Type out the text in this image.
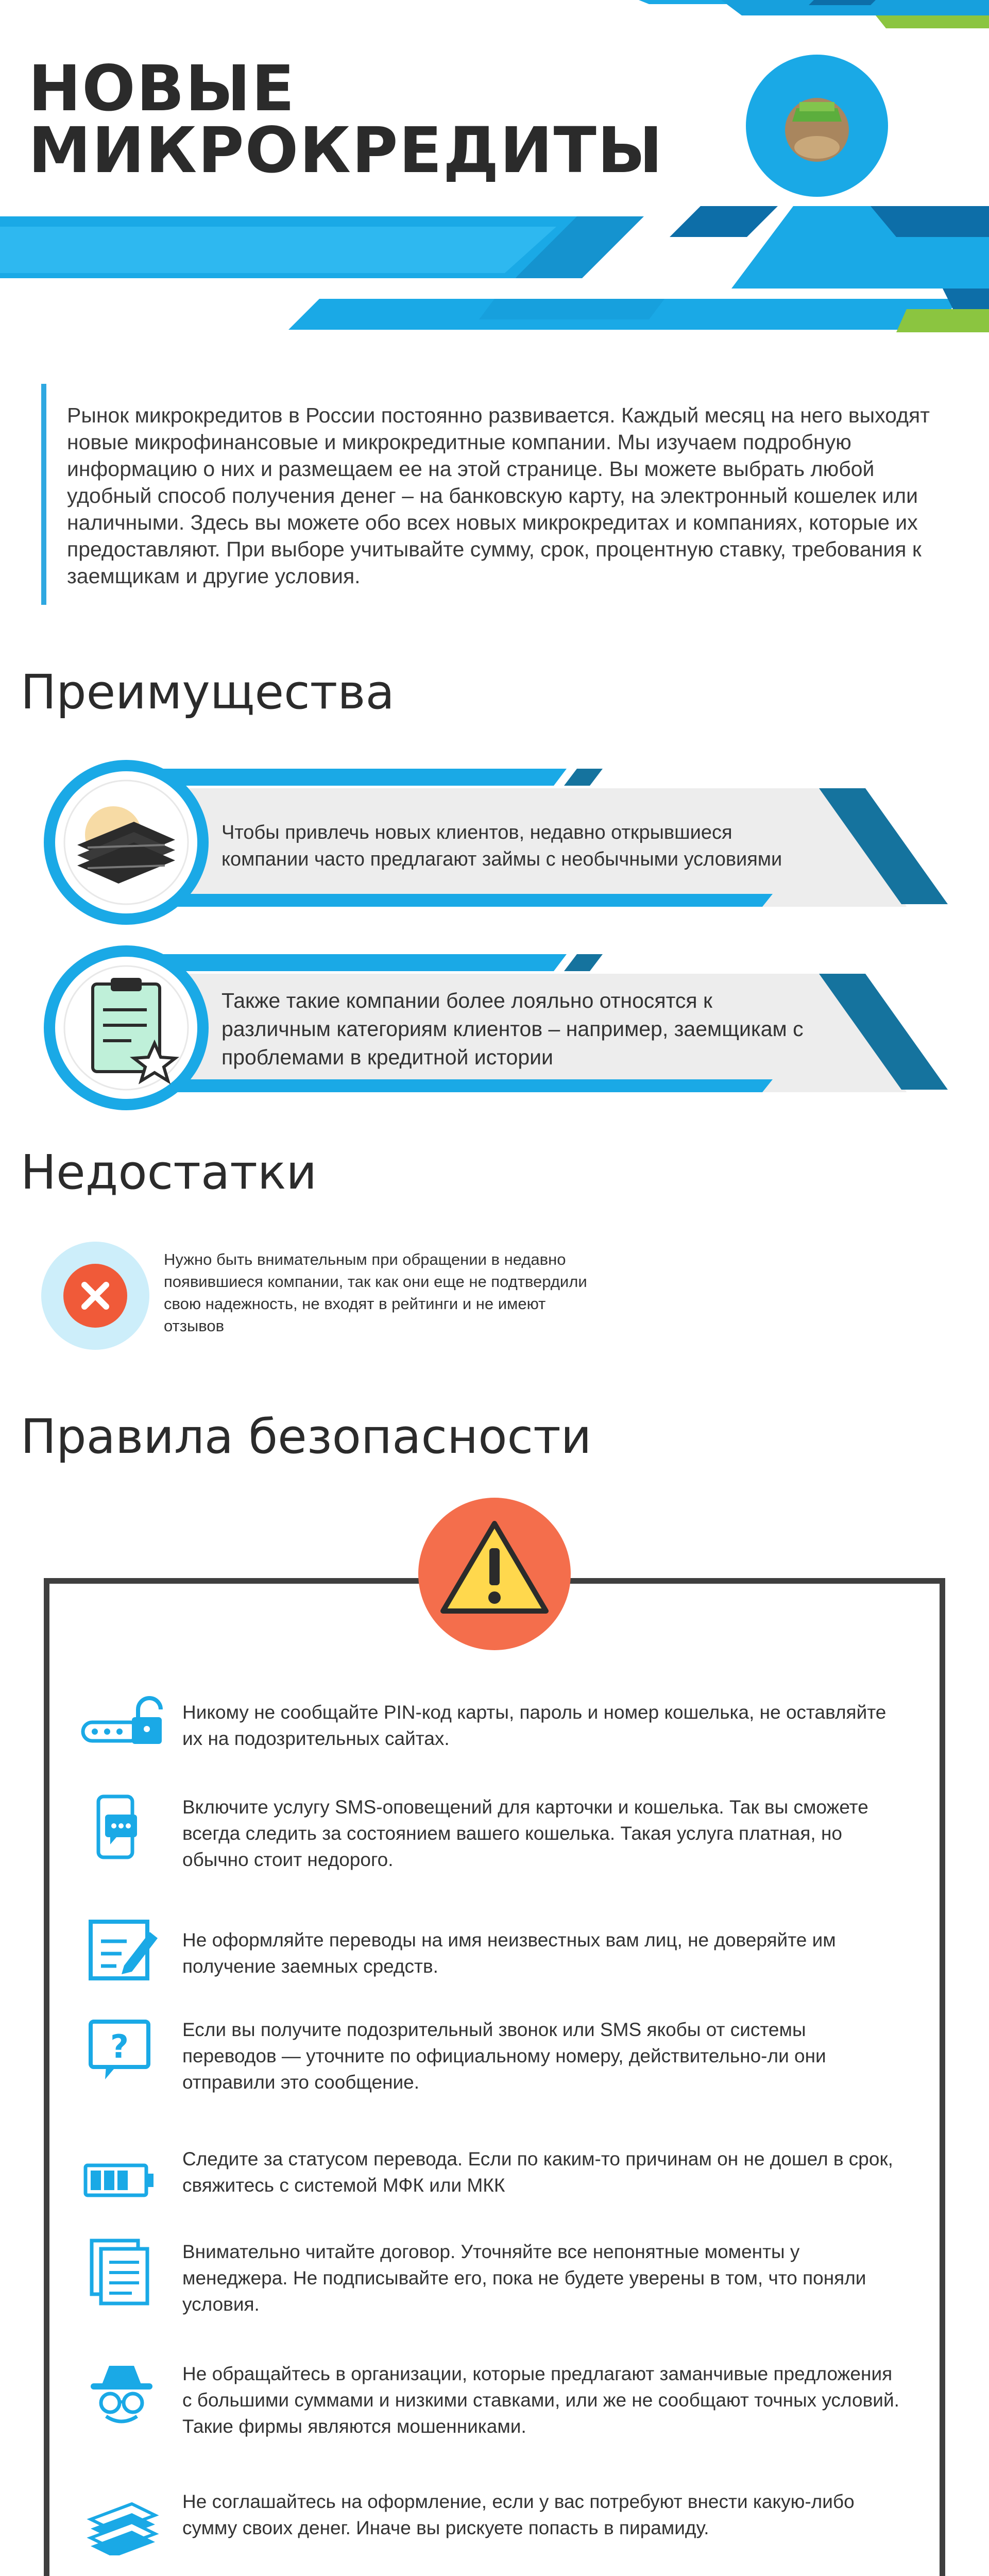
НОВЫЕ
МИКРОКРЕДИТЫ
Рынок микрокредитов в России постоянно развивается. Каждый месяц на него выходят новые микрофинансовые и микрокредитные компании. Мы изучаем подробную информацию о них и размещаем ее на этой странице. Вы можете выбрать любой удобный способ получения денег – на банковскую карту, на электронный кошелек или наличными. Здесь вы можете обо всех новых микрокредитах и компаниях, которые их предоставляют. При выборе учитывайте сумму, срок, процентную ставку, требования к заемщикам и другие условия.
Преимущества
Чтобы привлечь новых клиентов, недавно открывшиеся компании часто предлагают займы с необычными условиями
Также такие компании более лояльно относятся к различным категориям клиентов – например, заемщикам с проблемами в кредитной истории
Недостатки
Нужно быть внимательным при обращении в недавно появившиеся компании, так как они еще не подтвердили свою надежность, не входят в рейтинги и не имеют отзывов
Правила безопасности
Никому не сообщайте PIN-код карты, пароль и номер кошелька, не оставляйте их на подозрительных сайтах.
Включите услугу SMS-оповещений для карточки и кошелька. Так вы сможете всегда следить за состоянием вашего кошелька. Такая услуга платная, но обычно стоит недорого.
Не оформляйте переводы на имя неизвестных вам лиц, не доверяйте им получение заемных средств.
?	Если вы получите подозрительный звонок или SMS якобы от системы переводов — уточните по официальному номеру, действительно-ли они отправили это сообщение.
Следите за статусом перевода. Если по каким-то причинам он не дошел в срок, свяжитесь с системой МФК или МКК
Внимательно читайте договор. Уточняйте все непонятные моменты у менеджера. Не подписывайте его, пока не будете уверены в том, что поняли условия.
Не обращайтесь в организации, которые предлагают заманчивые предложения с большими суммами и низкими ставками, или же не сообщают точных условий. Такие фирмы являются мошенниками.
Не соглашайтесь на оформление, если у вас потребуют внести какую-либо сумму своих денег. Иначе вы рискуете попасть в пирамиду.
